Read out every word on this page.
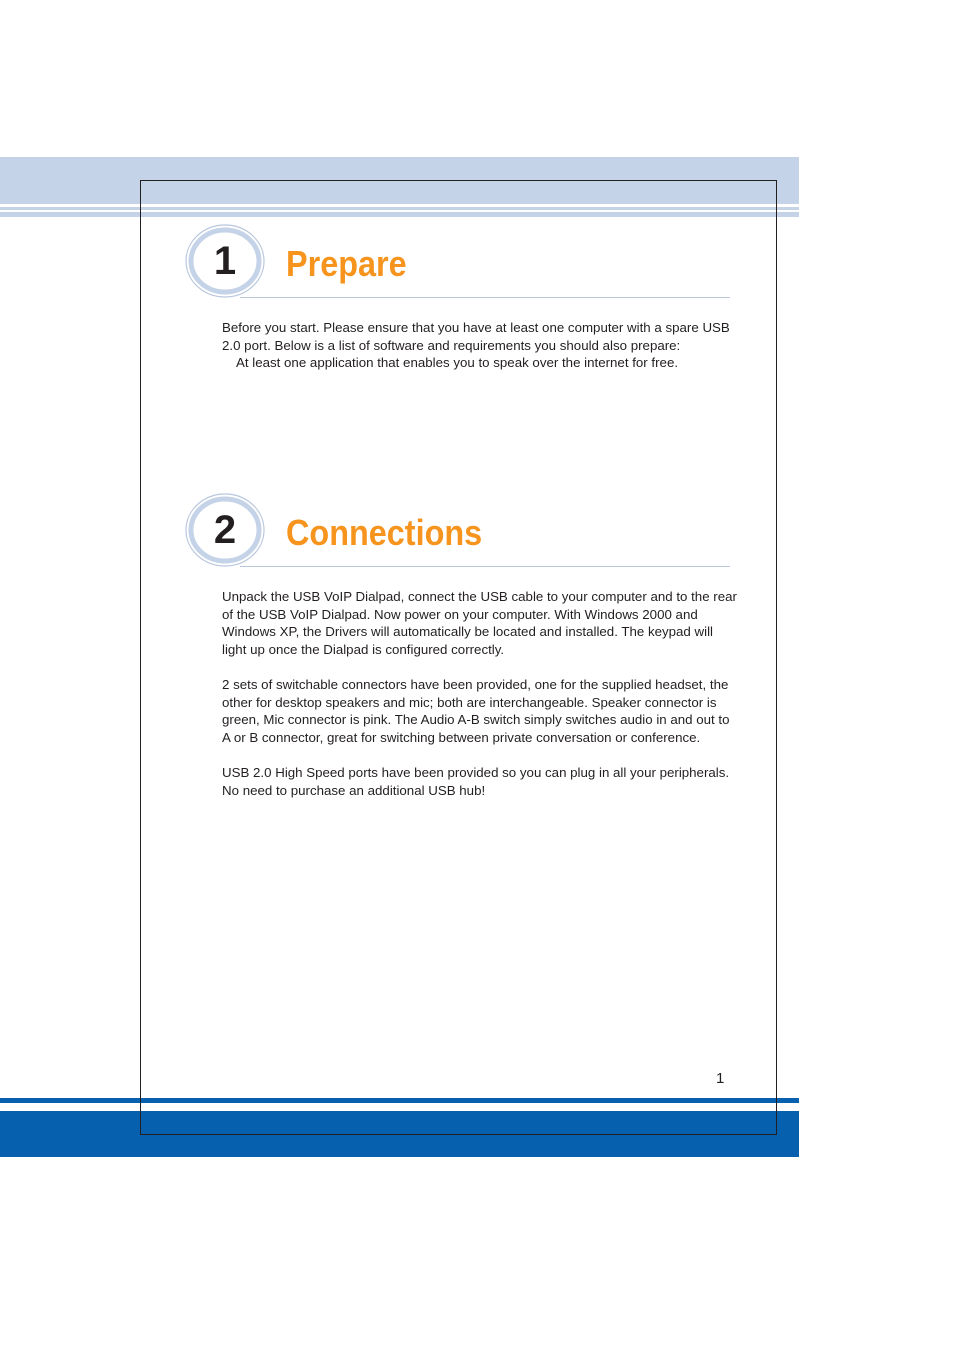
1	Prepare

Before you start. Please ensure that you have at least one computer with a spare USB 2.0 port. Below is a list of software and requirements you should also prepare:

At least one application that enables you to speak over the internet for free.
2	Connections

Unpack the USB VoIP Dialpad, connect the USB cable to your computer and to the rear of the USB VoIP Dialpad. Now power on your computer. With Windows 2000 and Windows XP, the Drivers will automatically be located and installed. The keypad will light up once the Dialpad is configured correctly.

2 sets of switchable connectors have been provided, one for the supplied headset, the other for desktop speakers and mic; both are interchangeable. Speaker connector is green, Mic connector is pink. The Audio A-B switch simply switches audio in and out to A or B connector, great for switching between private conversation or conference.

USB 2.0 High Speed ports have been provided so you can plug in all your peripherals. No need to purchase an additional USB hub!

1
